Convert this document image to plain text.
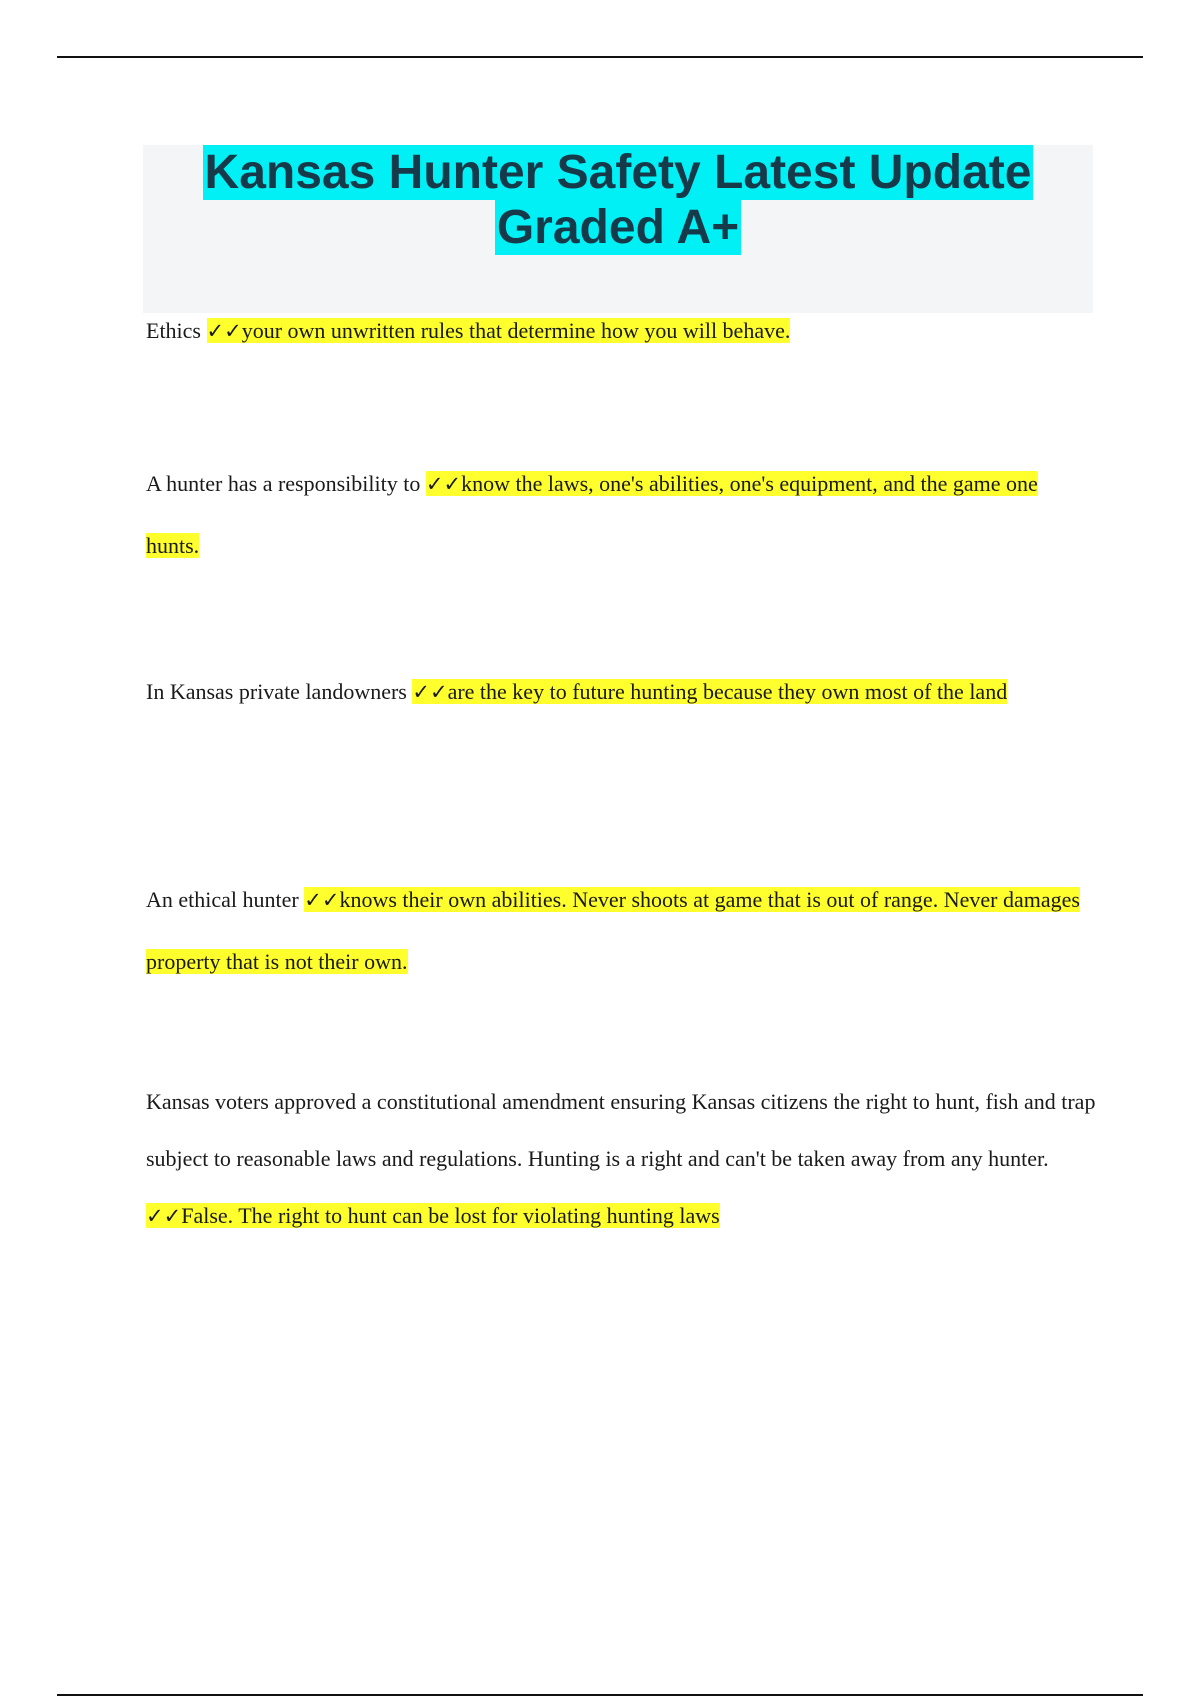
Kansas Hunter Safety Latest Update
Graded A+

Ethics ✓✓your own unwritten rules that determine how you will behave.

A hunter has a responsibility to ✓✓know the laws, one's abilities, one's equipment, and the game one hunts.

In Kansas private landowners ✓✓are the key to future hunting because they own most of the land

An ethical hunter ✓✓knows their own abilities. Never shoots at game that is out of range. Never damages property that is not their own.

Kansas voters approved a constitutional amendment ensuring Kansas citizens the right to hunt, fish and trap subject to reasonable laws and regulations. Hunting is a right and can't be taken away from any hunter. ✓✓False. The right to hunt can be lost for violating hunting laws
